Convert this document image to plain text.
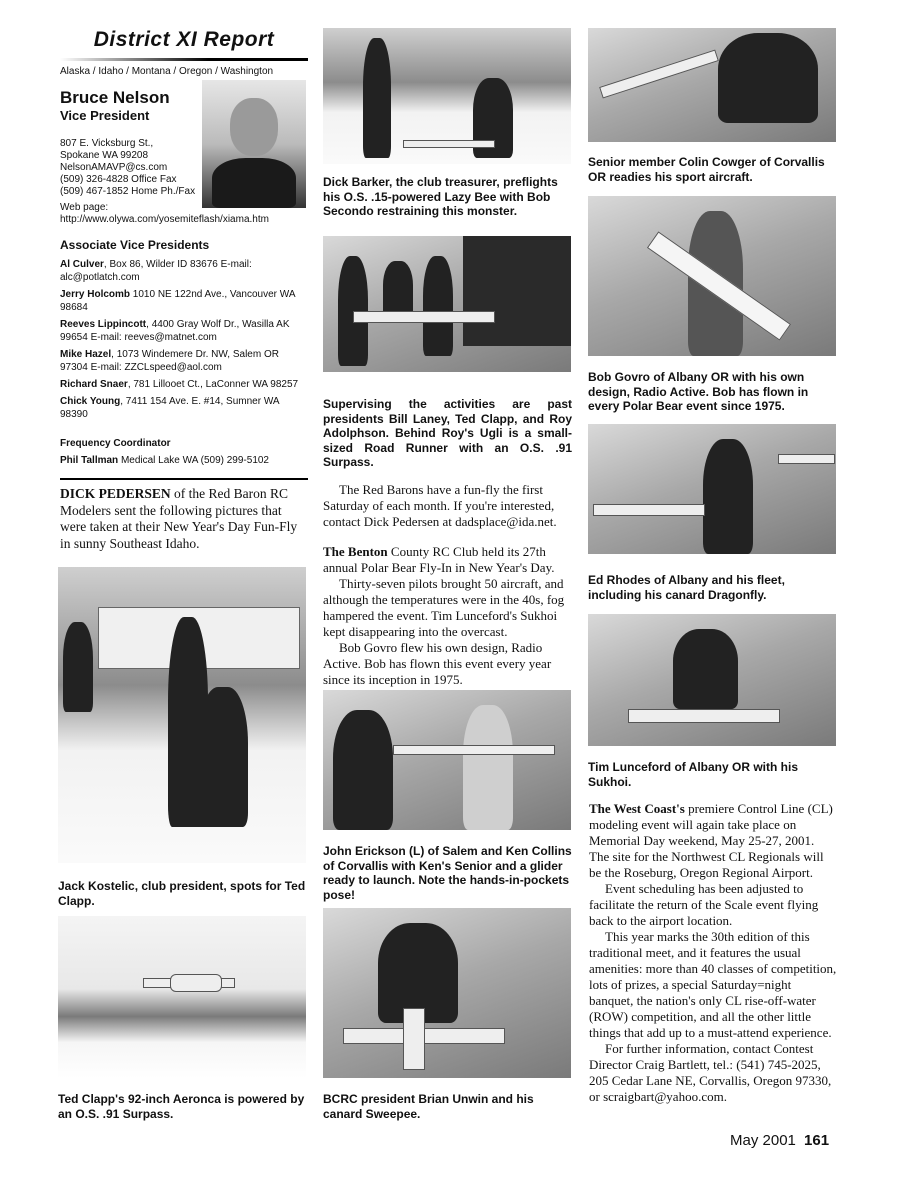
District XI Report
Alaska / Idaho / Montana / Oregon / Washington
Bruce Nelson
Vice President
807 E. Vicksburg St.,
Spokane WA 99208
NelsonAMAVP@cs.com
(509) 326-4828 Office Fax
(509) 467-1852 Home Ph./Fax
Web page:
http://www.olywa.com/yosemiteflash/xiama.htm
Associate Vice Presidents
Al Culver, Box 86, Wilder ID 83676 E-mail: alc@potlatch.com
Jerry Holcomb 1010 NE 122nd Ave., Vancouver WA 98684
Reeves Lippincott, 4400 Gray Wolf Dr., Wasilla AK 99654 E-mail: reeves@matnet.com
Mike Hazel, 1073 Windemere Dr. NW, Salem OR 97304 E-mail: ZZCLspeed@aol.com
Richard Snaer, 781 Lillooet Ct., LaConner WA 98257
Chick Young, 7411 154 Ave. E. #14, Sumner WA 98390
Frequency Coordinator
Phil Tallman Medical Lake WA (509) 299-5102
DICK PEDERSEN of the Red Baron RC Modelers sent the following pictures that were taken at their New Year's Day Fun-Fly in sunny Southeast Idaho.
Jack Kostelic, club president, spots for Ted Clapp.
Ted Clapp's 92-inch Aeronca is powered by an O.S. .91 Surpass.
Dick Barker, the club treasurer, preflights his O.S. .15-powered Lazy Bee with Bob Secondo restraining this monster.
Supervising the activities are past presidents Bill Laney, Ted Clapp, and Roy Adolphson. Behind Roy's Ugli is a small-sized Road Runner with an O.S. .91 Surpass.

The Red Barons have a fun-fly the first Saturday of each month. If you're interested, contact Dick Pedersen at dadsplace@ida.net.

The Benton County RC Club held its 27th annual Polar Bear Fly-In in New Year's Day.

Thirty-seven pilots brought 50 aircraft, and although the temperatures were in the 40s, fog hampered the event. Tim Lunceford's Sukhoi kept disappearing into the overcast.

Bob Govro flew his own design, Radio Active. Bob has flown this event every year since its inception in 1975.

John Erickson (L) of Salem and Ken Collins of Corvallis with Ken's Senior and a glider ready to launch. Note the hands-in-pockets pose!
BCRC president Brian Unwin and his canard Sweepee.
Senior member Colin Cowger of Corvallis OR readies his sport aircraft.
Bob Govro of Albany OR with his own design, Radio Active. Bob has flown in every Polar Bear event since 1975.
Ed Rhodes of Albany and his fleet, including his canard Dragonfly.
Tim Lunceford of Albany OR with his Sukhoi.

The West Coast's premiere Control Line (CL) modeling event will again take place on Memorial Day weekend, May 25-27, 2001. The site for the Northwest CL Regionals will be the Roseburg, Oregon Regional Airport.

Event scheduling has been adjusted to facilitate the return of the Scale event flying back to the airport location.

This year marks the 30th edition of this traditional meet, and it features the usual amenities: more than 40 classes of competition, lots of prizes, a special Saturday=night banquet, the nation's only CL rise-off-water (ROW) competition, and all the other little things that add up to a must-attend experience.

For further information, contact Contest Director Craig Bartlett, tel.: (541) 745-2025, 205 Cedar Lane NE, Corvallis, Oregon 97330, or scraigbart@yahoo.com.

May 2001 161
